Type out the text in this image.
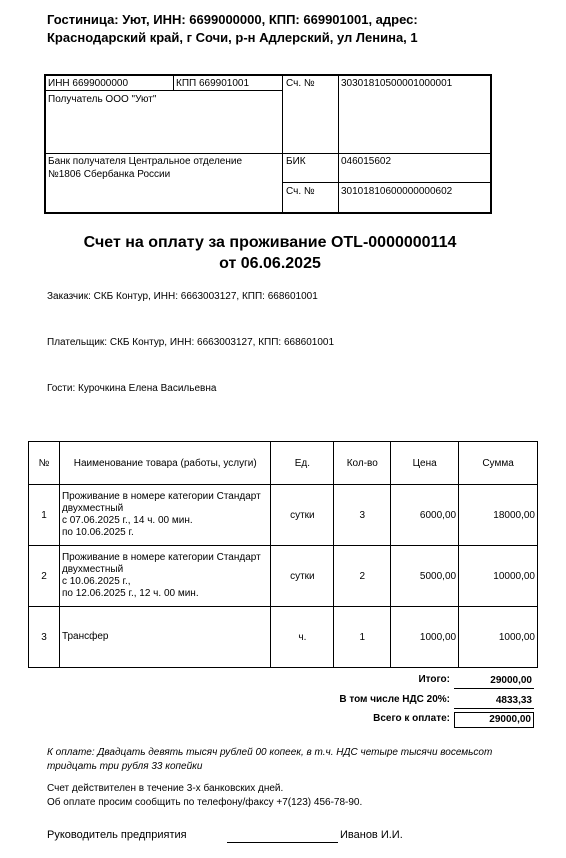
Гостиница: Уют, ИНН: 6699000000, КПП: 669901001, адрес:
Краснодарский край, г Сочи, р-н Адлерский, ул Ленина, 1
ИНН 6699000000	КПП 669901001
Получатель ООО "Уют"
Сч. №	30301810500001000001
Банк получателя Центральное отделение
№1806 Сбербанка России
БИК	046015602
Сч. №	30101810600000000602
Счет на оплату за проживание OTL-0000000114
от 06.06.2025
Заказчик: СКБ Контур, ИНН: 6663003127, КПП: 668601001
Плательщик: СКБ Контур, ИНН: 6663003127, КПП: 668601001
Гости: Курочкина Елена Васильевна
№	Наименование товара (работы, услуги)	Ед.	Кол-во	Цена	Сумма
1	Проживание в номере категории Стандарт
двухместный
с 07.06.2025 г., 14 ч. 00 мин.
по 10.06.2025 г.	сутки	3	6000,00	18000,00
2	Проживание в номере категории Стандарт
двухместный
с 10.06.2025 г.,
по 12.06.2025 г., 12 ч. 00 мин.	сутки	2	5000,00	10000,00
3	Трансфер	ч.	1	1000,00	1000,00
Итого:	29000,00
В том числе НДС 20%:	4833,33
Всего к оплате:	29000,00
К оплате: Двадцать девять тысяч рублей 00 копеек, в т.ч. НДС четыре тысячи восемьсот
тридцать три рубля 33 копейки
Счет действителен в течение 3-х банковских дней.
Об оплате просим сообщить по телефону/факсу +7(123) 456-78-90.
Руководитель предприятия	Иванов И.И.
